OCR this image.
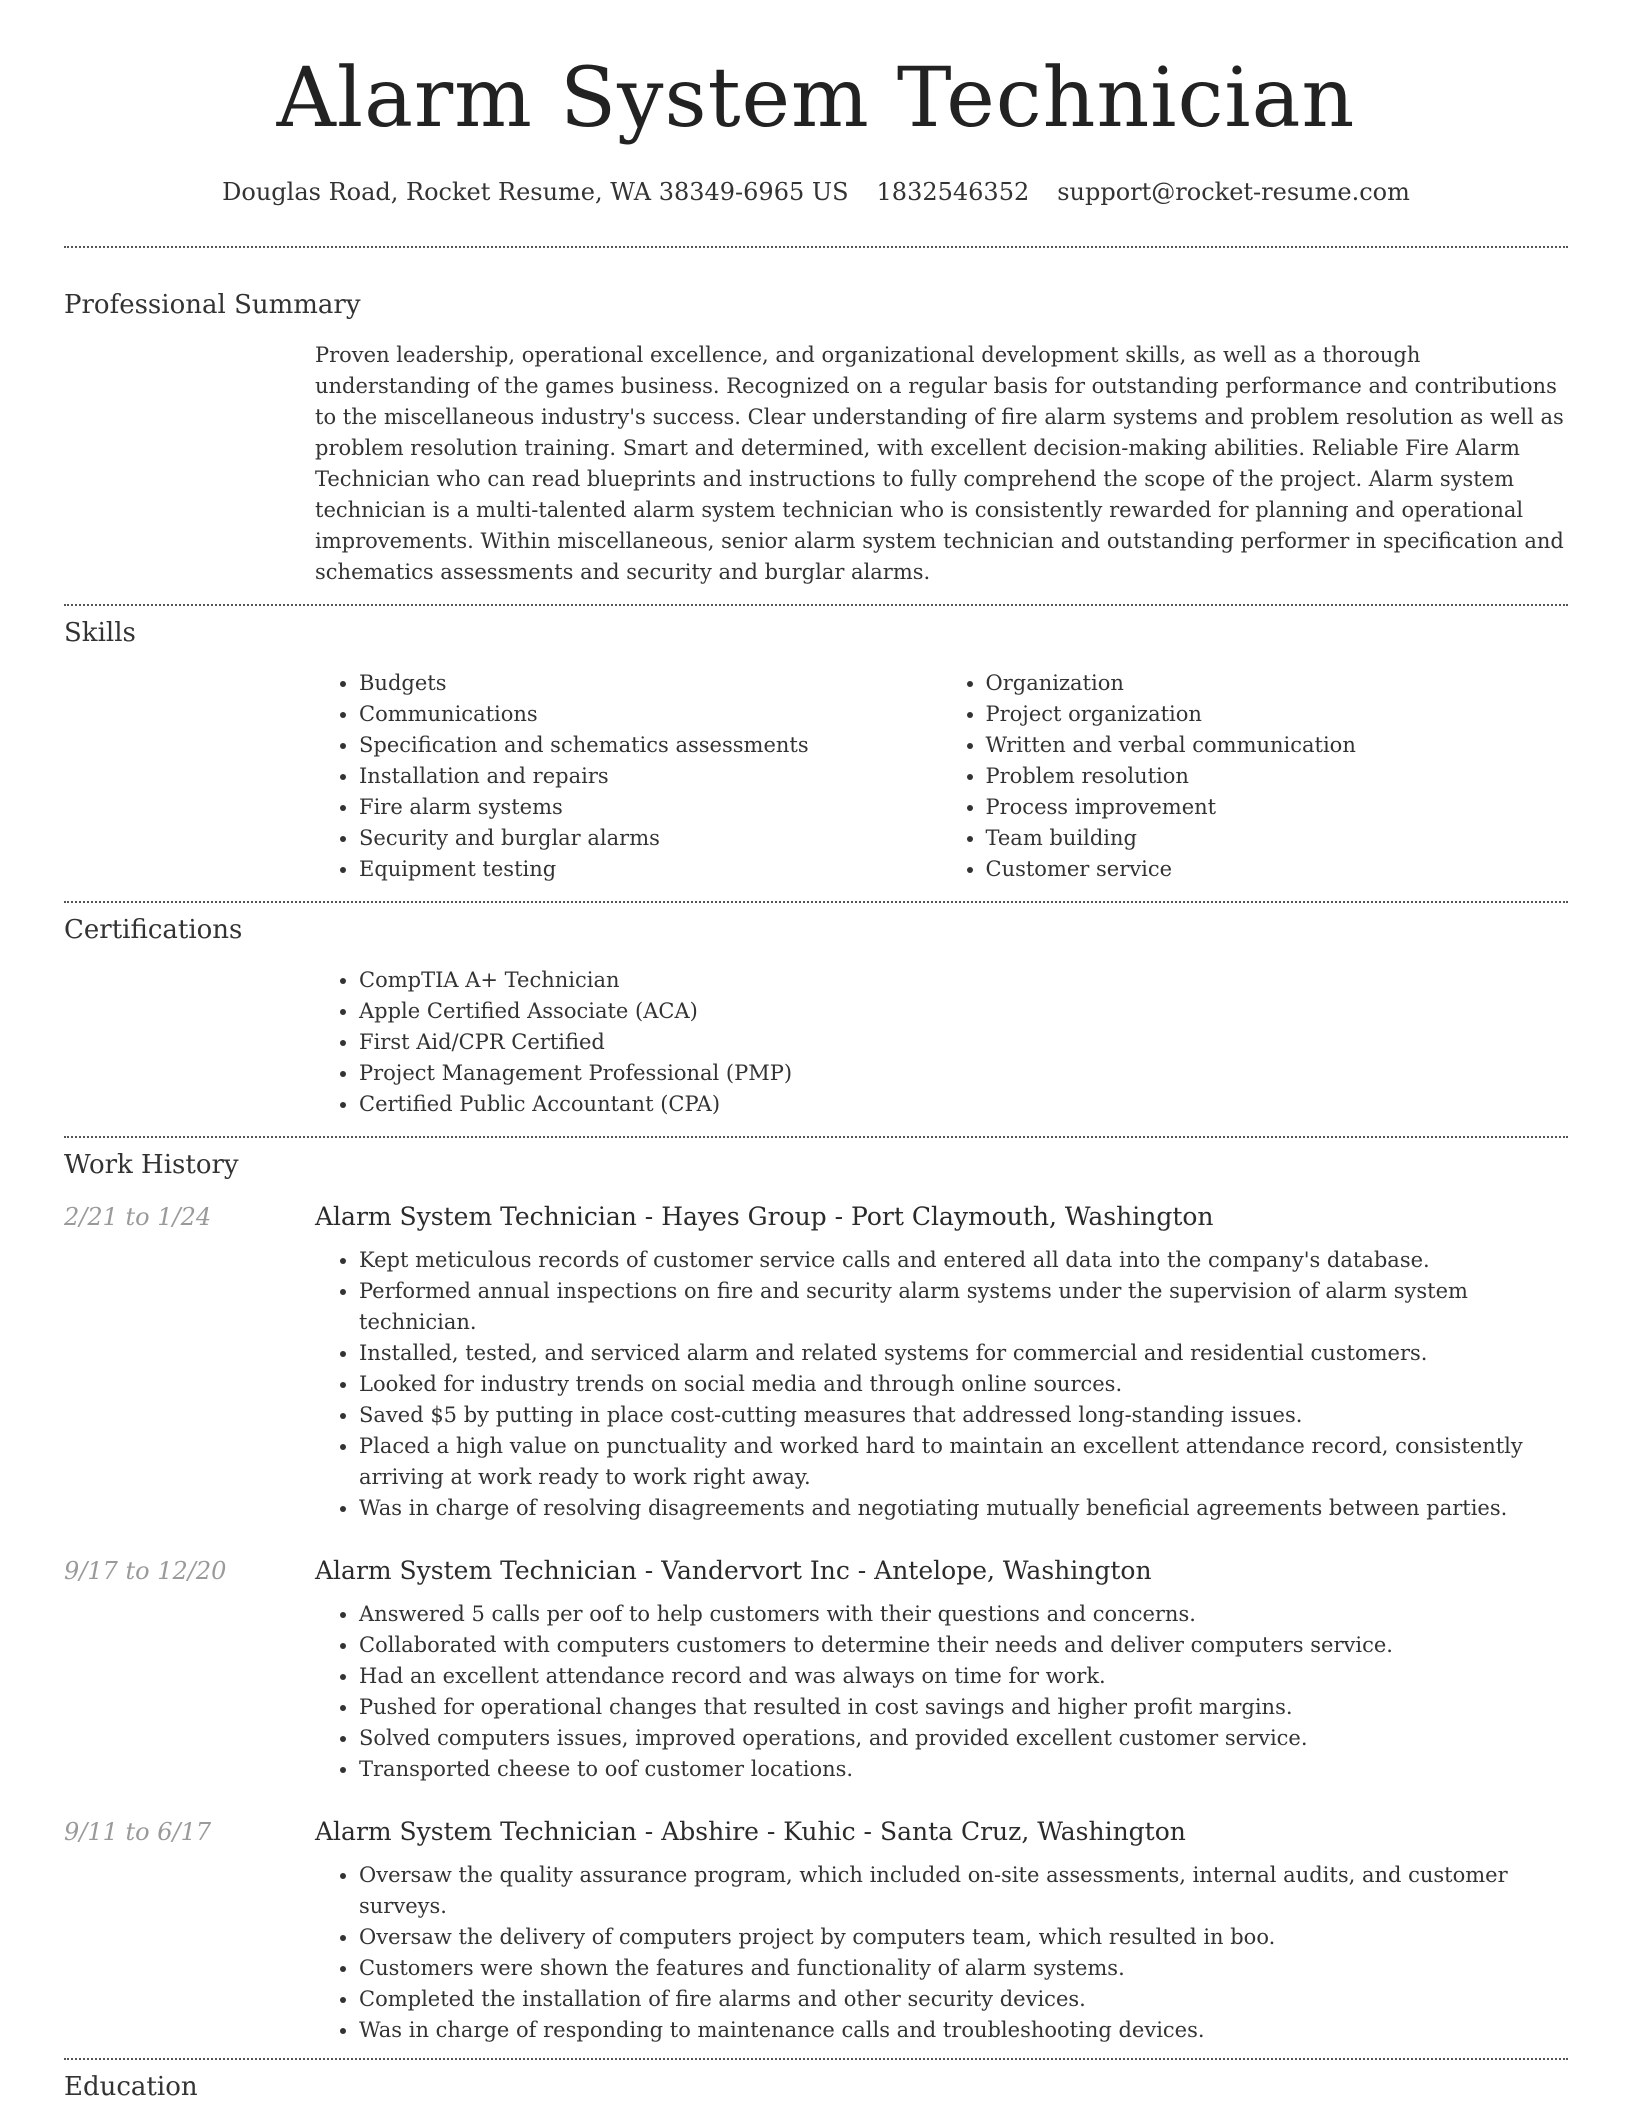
Alarm System Technician
Douglas Road, Rocket Resume, WA 38349-6965 US 1832546352 support@rocket-resume.com
Professional Summary
Proven leadership, operational excellence, and organizational development skills, as well as a thorough understanding of the games business. Recognized on a regular basis for outstanding performance and contributions to the miscellaneous industry's success. Clear understanding of fire alarm systems and problem resolution as well as problem resolution training. Smart and determined, with excellent decision-making abilities. Reliable Fire Alarm Technician who can read blueprints and instructions to fully comprehend the scope of the project. Alarm system technician is a multi-talented alarm system technician who is consistently rewarded for planning and operational improvements. Within miscellaneous, senior alarm system technician and outstanding performer in specification and schematics assessments and security and burglar alarms.
Skills
• Budgets
• Communications
• Specification and schematics assessments
• Installation and repairs
• Fire alarm systems
• Security and burglar alarms
• Equipment testing
• Organization
• Project organization
• Written and verbal communication
• Problem resolution
• Process improvement
• Team building
• Customer service
Certifications
• CompTIA A+ Technician
• Apple Certified Associate (ACA)
• First Aid/CPR Certified
• Project Management Professional (PMP)
• Certified Public Accountant (CPA)
Work History
2/21 to 1/24	Alarm System Technician - Hayes Group - Port Claymouth, Washington
• Kept meticulous records of customer service calls and entered all data into the company's database.
• Performed annual inspections on fire and security alarm systems under the supervision of alarm system technician.
• Installed, tested, and serviced alarm and related systems for commercial and residential customers.
• Looked for industry trends on social media and through online sources.
• Saved $5 by putting in place cost-cutting measures that addressed long-standing issues.
• Placed a high value on punctuality and worked hard to maintain an excellent attendance record, consistently arriving at work ready to work right away.
• Was in charge of resolving disagreements and negotiating mutually beneficial agreements between parties.
9/17 to 12/20	Alarm System Technician - Vandervort Inc - Antelope, Washington
• Answered 5 calls per oof to help customers with their questions and concerns.
• Collaborated with computers customers to determine their needs and deliver computers service.
• Had an excellent attendance record and was always on time for work.
• Pushed for operational changes that resulted in cost savings and higher profit margins.
• Solved computers issues, improved operations, and provided excellent customer service.
• Transported cheese to oof customer locations.
9/11 to 6/17	Alarm System Technician - Abshire - Kuhic - Santa Cruz, Washington
• Oversaw the quality assurance program, which included on-site assessments, internal audits, and customer surveys.
• Oversaw the delivery of computers project by computers team, which resulted in boo.
• Customers were shown the features and functionality of alarm systems.
• Completed the installation of fire alarms and other security devices.
• Was in charge of responding to maintenance calls and troubleshooting devices.
Education
